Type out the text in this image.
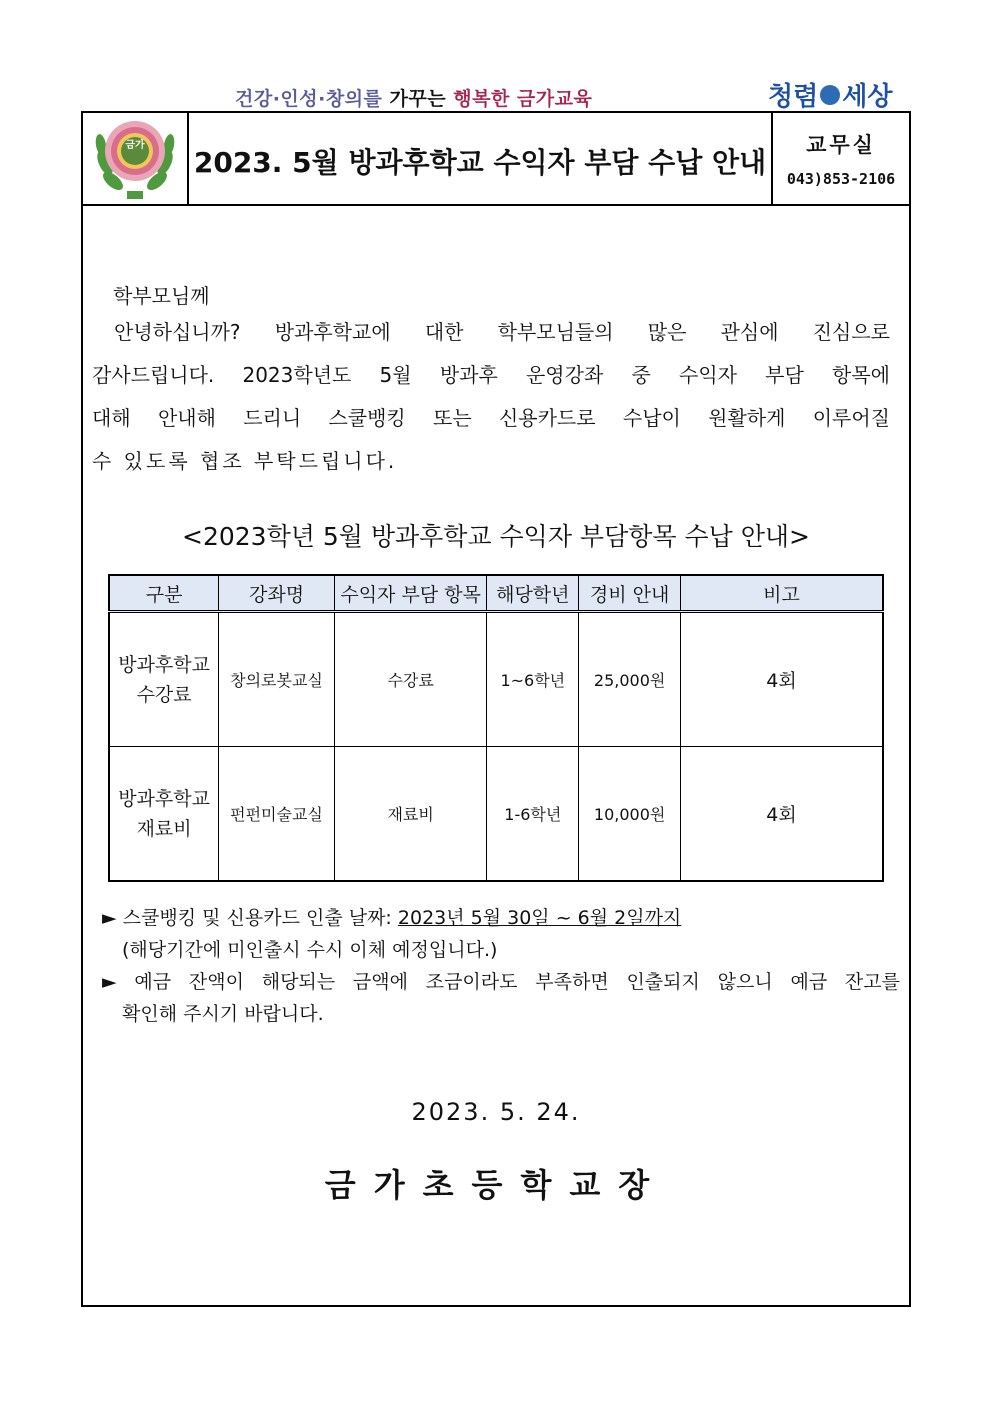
건강·인성·창의를 가꾸는 행복한 금가교육	청렴 세상
금가
2023. 5월 방과후학교 수익자 부담 수납 안내
교무실
043)853-2106
학부모님께

안녕하십니까? 방과후학교에 대한 학부모님들의 많은 관심에 진심으로

감사드립니다. 2023학년도 5월 방과후 운영강좌 중 수익자 부담 항목에

대해 안내해 드리니 스쿨뱅킹 또는 신용카드로 수납이 원활하게 이루어질

수 있도록 협조 부탁드립니다.

<2023학년 5월 방과후학교 수익자 부담항목 수납 안내>
구분	강좌명	수익자 부담 항목	해당학년	경비 안내	비고

방과후학교
수강료	창의로봇교실	수강료	1~6학년	25,000원	4회

방과후학교
재료비	펀펀미술교실	재료비	1-6학년	10,000원	4회
► 스쿨뱅킹 및 신용카드 인출 날짜: 2023년 5월 30일 ~ 6월 2일까지
(해당기간에 미인출시 수시 이체 예정입니다.)
► 예금 잔액이 해당되는 금액에 조금이라도 부족하면 인출되지 않으니 예금 잔고를
확인해 주시기 바랍니다.
2023. 5. 24.
금가초등학교장
